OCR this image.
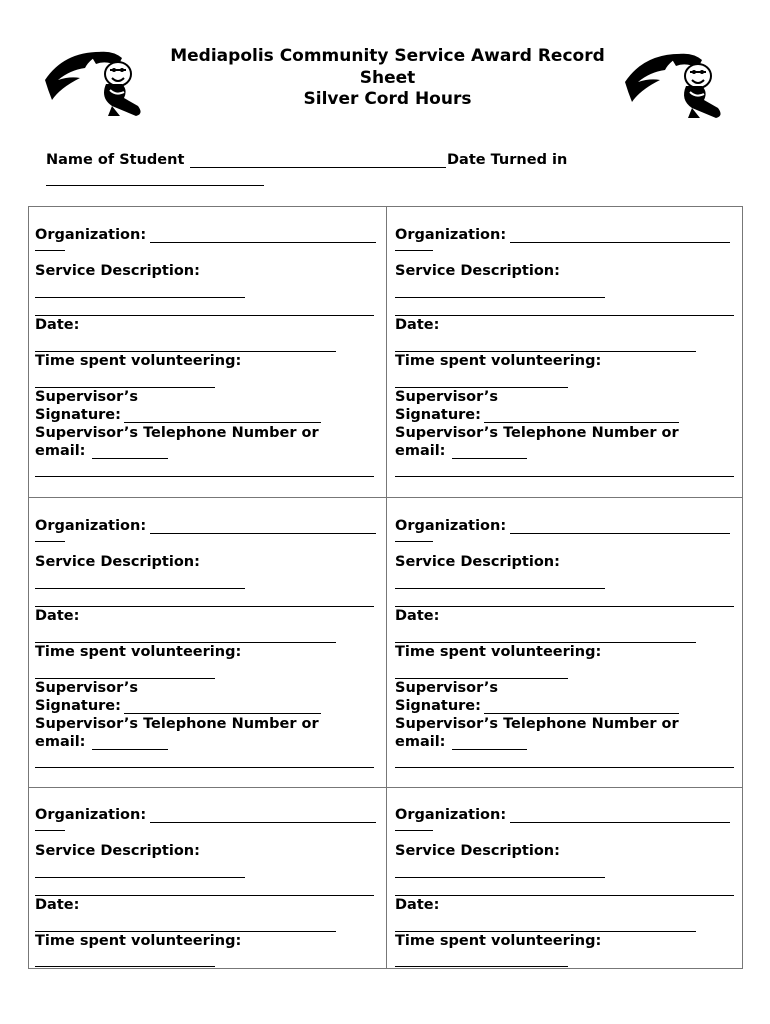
Mediapolis Community Service Award Record
Sheet
Silver Cord Hours
Name of Student	Date Turned in
Organization:
Service Description:
Date:
Time spent volunteering:
Supervisor’s
Signature:
Supervisor’s Telephone Number or
email:
Organization:
Service Description:
Date:
Time spent volunteering:
Supervisor’s
Signature:
Supervisor’s Telephone Number or
email:
Organization:
Service Description:
Date:
Time spent volunteering:
Supervisor’s
Signature:
Supervisor’s Telephone Number or
email:
Organization:
Service Description:
Date:
Time spent volunteering:
Supervisor’s
Signature:
Supervisor’s Telephone Number or
email:
Organization:
Service Description:
Date:
Time spent volunteering:
Organization:
Service Description:
Date:
Time spent volunteering:
